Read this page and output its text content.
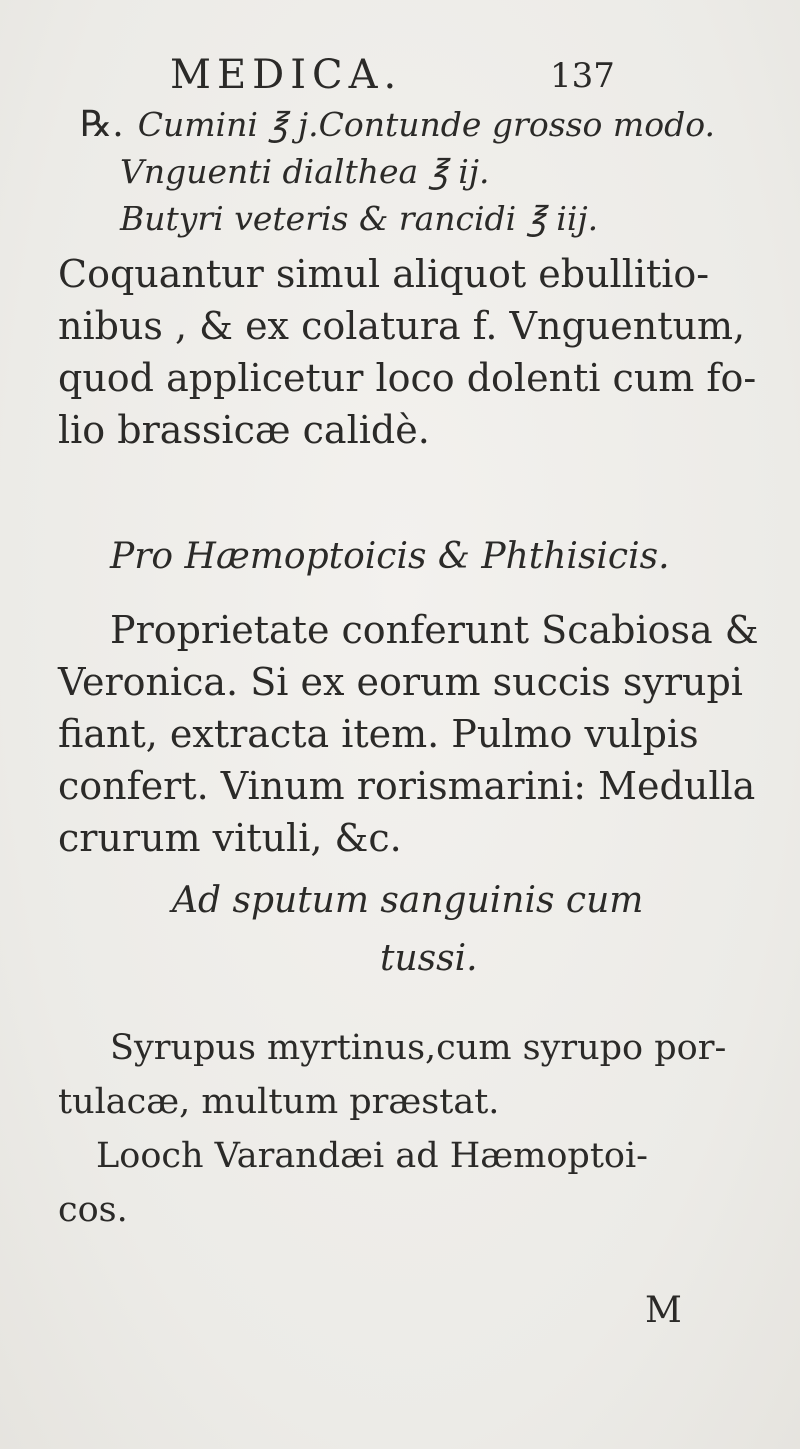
MEDICA.	137
℞. Cumini ℥ j.Contunde grosso modo.
Vnguenti dialthea ℥ ij.
Butyri veteris & rancidi ℥ iij.
Coquantur simul aliquot ebullitio-
nibus , & ex colatura f. Vnguentum,
quod applicetur loco dolenti cum fo-
lio brassicæ calidè.
Pro Hæmoptoicis & Phthisicis.
Proprietate conferunt Scabiosa &
Veronica. Si ex eorum succis syrupi
fiant, extracta item. Pulmo vulpis
confert. Vinum rorismarini: Medulla
crurum vituli, &c.
Ad sputum sanguinis cum
tussi.
Syrupus myrtinus,cum syrupo por-
tulacæ, multum præstat.
Looch Varandæi ad Hæmoptoi-
cos.
M
